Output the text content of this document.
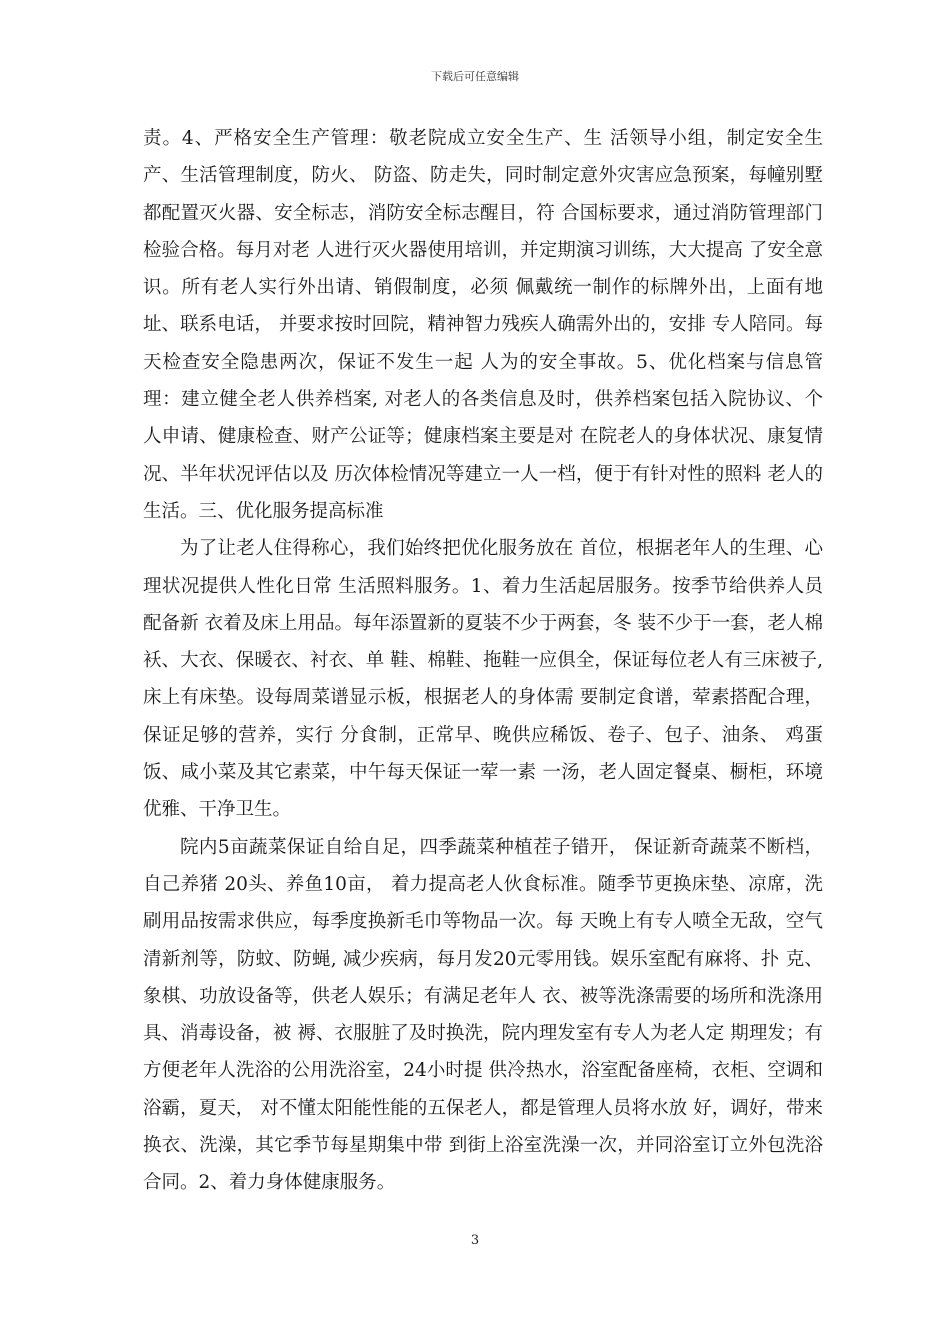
下载后可任意编辑

责。4、严格安全生产管理：敬老院成立安全生产、生 活领导小组，制定安全生产、生活管理制度，防火、 防盗、防走失，同时制定意外灾害应急预案，每幢别墅都配置灭火器、安全标志，消防安全标志醒目，符 合国标要求，通过消防管理部门检验合格。每月对老 人进行灭火器使用培训，并定期演习训练，大大提高 了安全意识。所有老人实行外出请、销假制度，必须 佩戴统一制作的标牌外出，上面有地址、联系电话， 并要求按时回院，精神智力残疾人确需外出的，安排 专人陪同。每天检查安全隐患两次，保证不发生一起 人为的安全事故。5、优化档案与信息管理：建立健全老人供养档案, 对老人的各类信息及时，供养档案包括入院协议、个 人申请、健康检查、财产公证等；健康档案主要是对 在院老人的身体状况、康复情况、半年状况评估以及 历次体检情况等建立一人一档，便于有针对性的照料 老人的生活。三、优化服务提高标准

为了让老人住得称心，我们始终把优化服务放在 首位，根据老年人的生理、心理状况提供人性化日常 生活照料服务。1、着力生活起居服务。按季节给供养人员配备新 衣着及床上用品。每年添置新的夏装不少于两套，冬 装不少于一套，老人棉袄、大衣、保暖衣、衬衣、单 鞋、棉鞋、拖鞋一应俱全，保证每位老人有三床被子, 床上有床垫。设每周菜谱显示板，根据老人的身体需 要制定食谱，荤素搭配合理，保证足够的营养，实行 分食制，正常早、晚供应稀饭、卷子、包子、油条、 鸡蛋饭、咸小菜及其它素菜，中午每天保证一荤一素 一汤，老人固定餐桌、橱柜，环境优雅、干净卫生。

院内5亩蔬菜保证自给自足，四季蔬菜种植茬子错开， 保证新奇蔬菜不断档，自己养猪 20头、养鱼10亩， 着力提高老人伙食标准。随季节更换床垫、凉席，洗 刷用品按需求供应，每季度换新毛巾等物品一次。每 天晚上有专人喷全无敌，空气清新剂等，防蚊、防蝇, 减少疾病，每月发20元零用钱。娱乐室配有麻将、扑 克、象棋、功放设备等，供老人娱乐；有满足老年人 衣、被等洗涤需要的场所和洗涤用具、消毒设备，被 褥、衣服脏了及时换洗，院内理发室有专人为老人定 期理发；有方便老年人洗浴的公用洗浴室，24小时提 供冷热水，浴室配备座椅，衣柜、空调和浴霸，夏天， 对不懂太阳能性能的五保老人，都是管理人员将水放 好，调好，带来换衣、洗澡，其它季节每星期集中带 到街上浴室洗澡一次，并同浴室订立外包洗浴合同。2、着力身体健康服务。

3
